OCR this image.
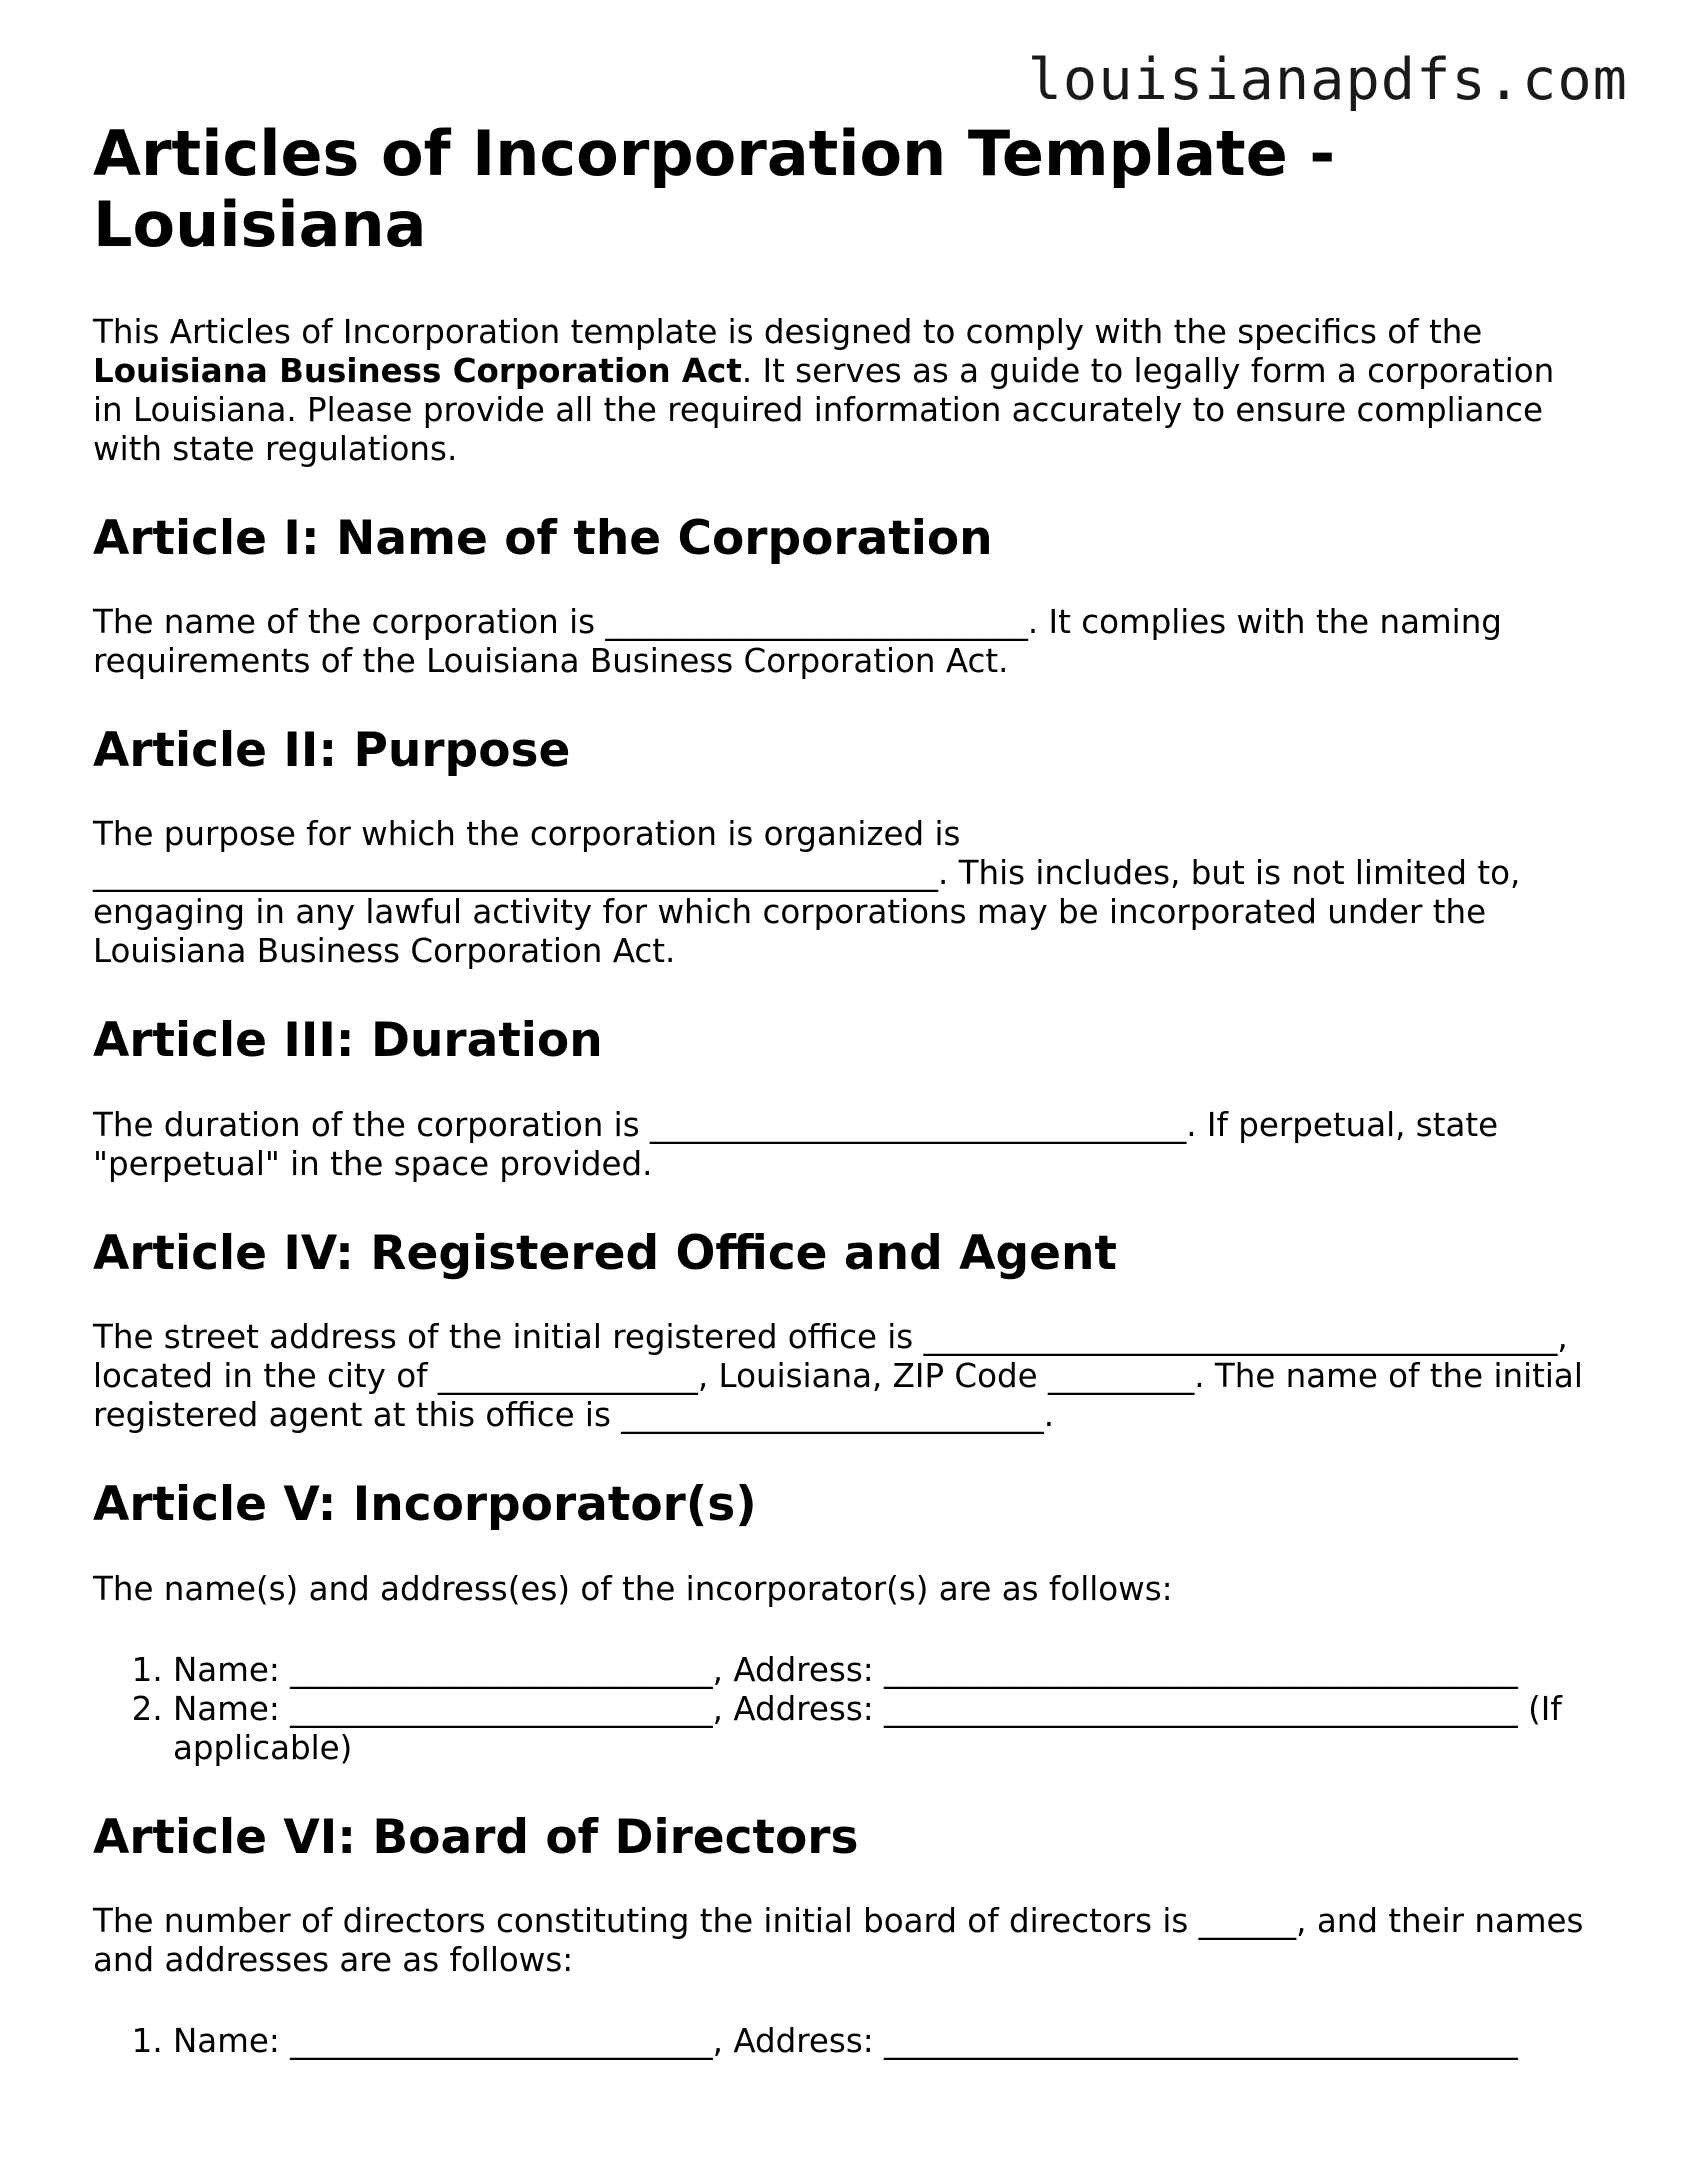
louisianapdfs.com
Articles of Incorporation Template - Louisiana

This Articles of Incorporation template is designed to comply with the specifics of the Louisiana Business Corporation Act. It serves as a guide to legally form a corporation in Louisiana. Please provide all the required information accurately to ensure compliance with state regulations.

Article I: Name of the Corporation

The name of the corporation is __________________________. It complies with the naming requirements of the Louisiana Business Corporation Act.

Article II: Purpose

The purpose for which the corporation is organized is ____________________________________________________. This includes, but is not limited to, engaging in any lawful activity for which corporations may be incorporated under the Louisiana Business Corporation Act.

Article III: Duration

The duration of the corporation is _________________________________. If perpetual, state "perpetual" in the space provided.

Article IV: Registered Office and Agent

The street address of the initial registered office is _______________________________________, located in the city of ________________, Louisiana, ZIP Code _________. The name of the initial registered agent at this office is __________________________.

Article V: Incorporator(s)

The name(s) and address(es) of the incorporator(s) are as follows:

1. Name: __________________________, Address: _______________________________________
2. Name: __________________________, Address: _______________________________________ (If applicable)
Article VI: Board of Directors

The number of directors constituting the initial board of directors is ______, and their names and addresses are as follows:

1. Name: __________________________, Address: _______________________________________
